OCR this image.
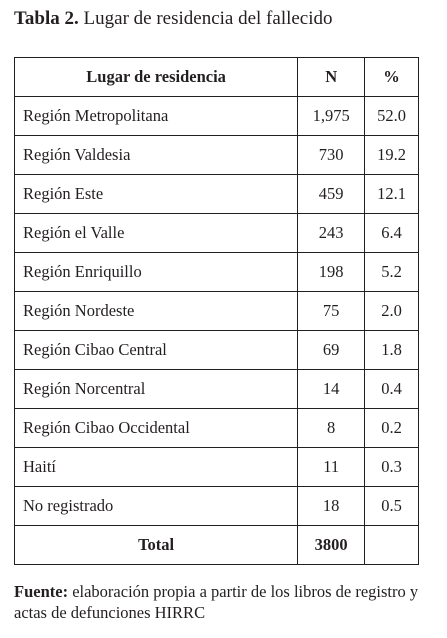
Tabla 2. Lugar de residencia del fallecido
Lugar de residencia	N	%
Región Metropolitana	1,975	52.0
Región Valdesia	730	19.2
Región Este	459	12.1
Región el Valle	243	6.4
Región Enriquillo	198	5.2
Región Nordeste	75	2.0
Región Cibao Central	69	1.8
Región Norcentral	14	0.4
Región Cibao Occidental	8	0.2
Haití	11	0.3
No registrado	18	0.5
Total	3800	
Fuente: elaboración propia a partir de los libros de registro y actas de defunciones HIRRC
